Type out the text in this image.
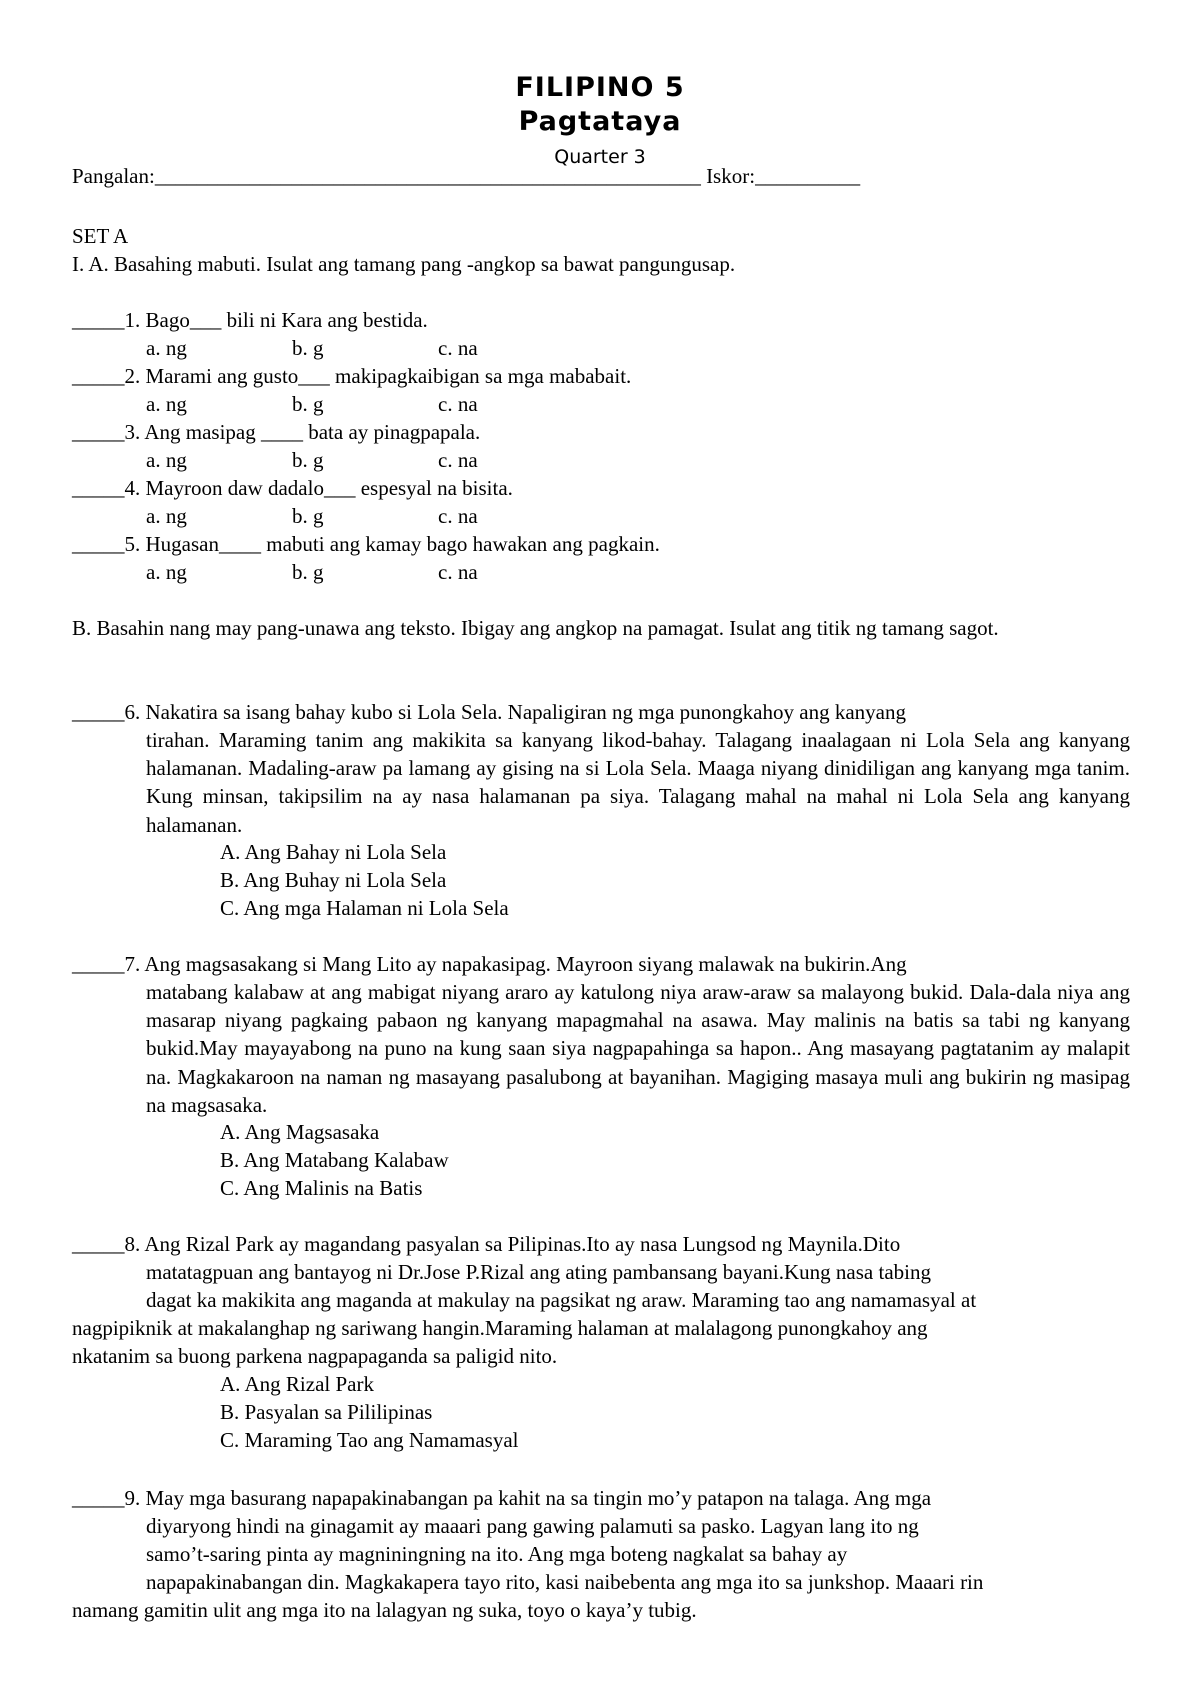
FILIPINO 5
Pagtataya
Quarter 3
Pangalan:____________________________________________________ Iskor:__________
SET A
I. A. Basahing mabuti. Isulat ang tamang pang -angkop sa bawat pangungusap.
_____1. Bago___ bili ni Kara ang bestida.
a. ng	b. g	c. na
_____2. Marami ang gusto___ makipagkaibigan sa mga mababait.
a. ng	b. g	c. na
_____3. Ang masipag ____ bata ay pinagpapala.
a. ng	b. g	c. na
_____4. Mayroon daw dadalo___ espesyal na bisita.
a. ng	b. g	c. na
_____5. Hugasan____ mabuti ang kamay bago hawakan ang pagkain.
a. ng	b. g	c. na
B. Basahin nang may pang-unawa ang teksto. Ibigay ang angkop na pamagat. Isulat ang titik ng tamang sagot.
_____6. Nakatira sa isang bahay kubo si Lola Sela. Napaligiran ng mga punongkahoy ang kanyang
tirahan. Maraming tanim ang makikita sa kanyang likod-bahay. Talagang inaalagaan ni Lola Sela ang kanyang halamanan. Madaling-araw pa lamang ay gising na si Lola Sela. Maaga niyang dinidiligan ang kanyang mga tanim. Kung minsan, takipsilim na ay nasa halamanan pa siya. Talagang mahal na mahal ni Lola Sela ang kanyang halamanan.
A. Ang Bahay ni Lola Sela
B. Ang Buhay ni Lola Sela
C. Ang mga Halaman ni Lola Sela
_____7. Ang magsasakang si Mang Lito ay napakasipag. Mayroon siyang malawak na bukirin.Ang
matabang kalabaw at ang mabigat niyang araro ay katulong niya araw-araw sa malayong bukid. Dala-dala niya ang masarap niyang pagkaing pabaon ng kanyang mapagmahal na asawa. May malinis na batis sa tabi ng kanyang bukid.May mayayabong na puno na kung saan siya nagpapahinga sa hapon.. Ang masayang pagtatanim ay malapit na. Magkakaroon na naman ng masayang pasalubong at bayanihan. Magiging masaya muli ang bukirin ng masipag na magsasaka.
A. Ang Magsasaka
B. Ang Matabang Kalabaw
C. Ang Malinis na Batis
_____8. Ang Rizal Park ay magandang pasyalan sa Pilipinas.Ito ay nasa Lungsod ng Maynila.Dito
matatagpuan ang bantayog ni Dr.Jose P.Rizal ang ating pambansang bayani.Kung nasa tabing
dagat ka makikita ang maganda at makulay na pagsikat ng araw. Maraming tao ang namamasyal at
nagpipiknik at makalanghap ng sariwang hangin.Maraming halaman at malalagong punongkahoy ang
nkatanim sa buong parkena nagpapaganda sa paligid nito.
A. Ang Rizal Park
B. Pasyalan sa Pililipinas
C. Maraming Tao ang Namamasyal
_____9. May mga basurang napapakinabangan pa kahit na sa tingin mo’y patapon na talaga. Ang mga
diyaryong hindi na ginagamit ay maaari pang gawing palamuti sa pasko. Lagyan lang ito ng
samo’t-saring pinta ay magniningning na ito. Ang mga boteng nagkalat sa bahay ay
napapakinabangan din. Magkakapera tayo rito, kasi naibebenta ang mga ito sa junkshop. Maaari rin
namang gamitin ulit ang mga ito na lalagyan ng suka, toyo o kaya’y tubig.
